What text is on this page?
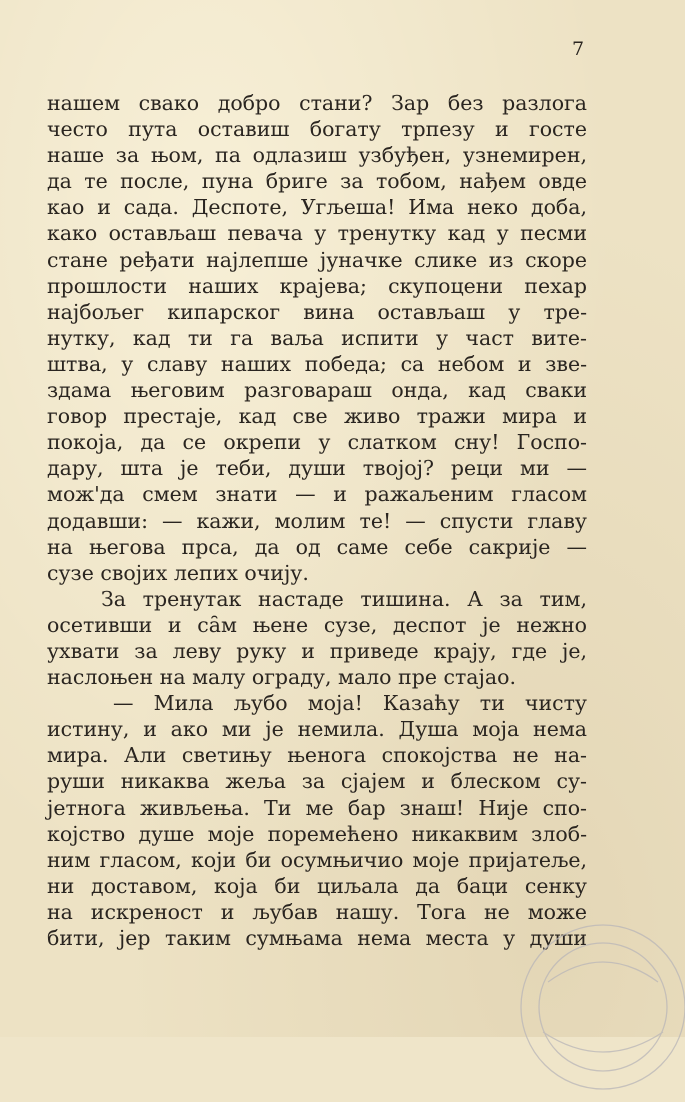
7
нашем свако добро стани? Зар без разлога
често пута оставиш богату трпезу и госте
наше за њом, па одлазиш узбуђен, узнемирен,
да те после, пуна бриге за тобом, нађем овде
као и сада. Деспоте, Угљеша! Има неко доба,
како остављаш певача у тренутку кад у песми
стане ређати најлепше јуначке слике из скоре
прошлости наших крајева; скупоцени пехар
најбољег кипарског вина остављаш у тре-
нутку, кад ти га ваља испити у част вите-
штва, у славу наших победа; са небом и зве-
здама његовим разговараш онда, кад сваки
говор престаје, кад све живо тражи мира и
покоја, да се окрепи у слатком сну! Госпо-
дару, шта је теби, души твојој? реци ми —
мож'да смем знати — и ражаљеним гласом
додавши: — кажи, молим те! — спусти главу
на његова прса, да од саме себе сакрије —
сузе својих лепих очију.
За тренутак настаде тишина. А за тим,
осетивши и са̑м њене сузе, деспот је нежно
ухвати за леву руку и приведе крају, где је,
наслоњен на малу ограду, мало пре стајао.
— Мила љубо моја! Казаћу ти чисту
истину, и ако ми је немила. Душа моја нема
мира. Али светињу њенога спокојства не на-
руши никаква жеља за сјајем и блеском су-
јетнога живљења. Ти ме бар знаш! Није спо-
којство душе моје поремећено никаквим злоб-
ним гласом, који би осумњичио моје пријатеље,
ни доставом, која би циљала да баци сенку
на искреност и љубав нашу. Тога не може
бити, јер таким сумњама нема места у души
